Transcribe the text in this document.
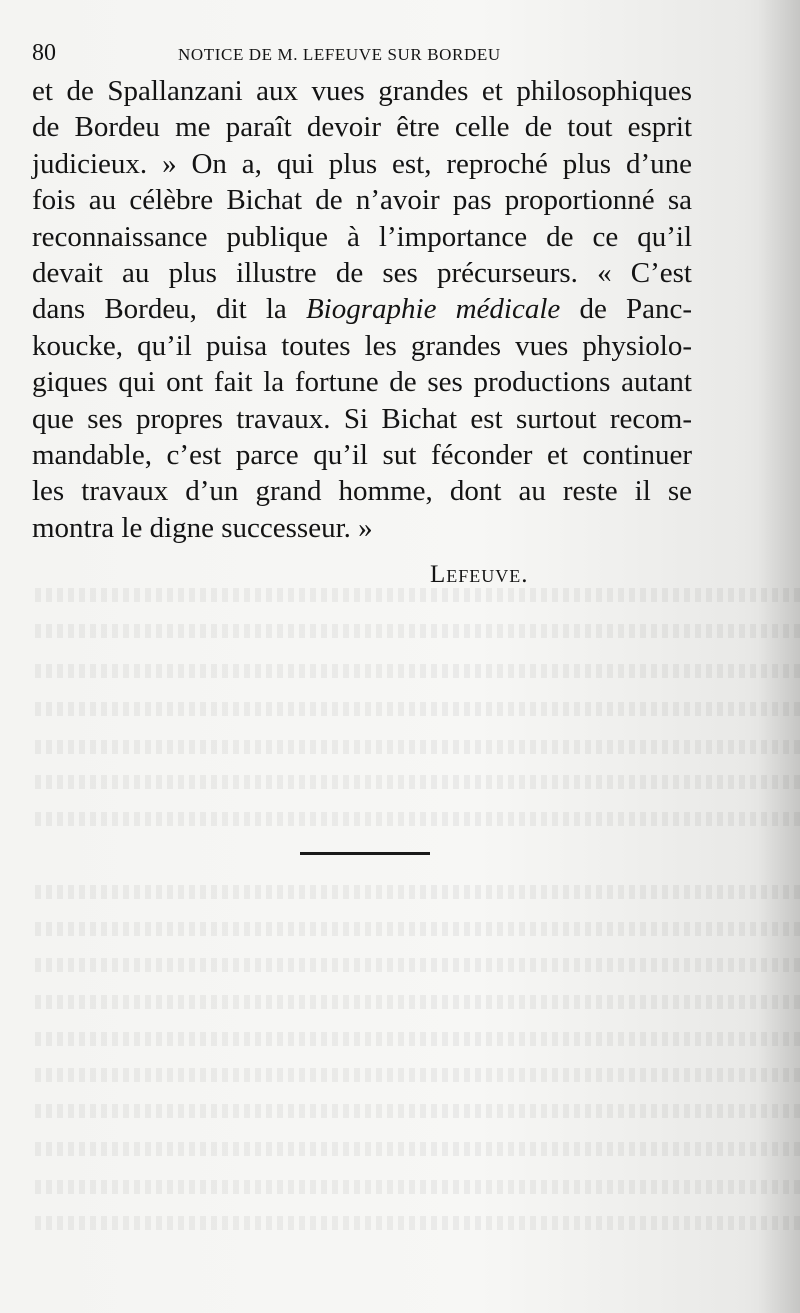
80	NOTICE DE M. LEFEUVE SUR BORDEU
et de Spallanzani aux vues grandes et philosophiques
de Bordeu me paraît devoir être celle de tout esprit
judicieux. » On a, qui plus est, reproché plus d’une
fois au célèbre Bichat de n’avoir pas proportionné sa
reconnaissance publique à l’importance de ce qu’il
devait au plus illustre de ses précurseurs. « C’est
dans Bordeu, dit la Biographie médicale de Panc-
koucke, qu’il puisa toutes les grandes vues physiolo-
giques qui ont fait la fortune de ses productions autant
que ses propres travaux. Si Bichat est surtout recom-
mandable, c’est parce qu’il sut féconder et continuer
les travaux d’un grand homme, dont au reste il se
montra le digne successeur. »
Lefeuve.
